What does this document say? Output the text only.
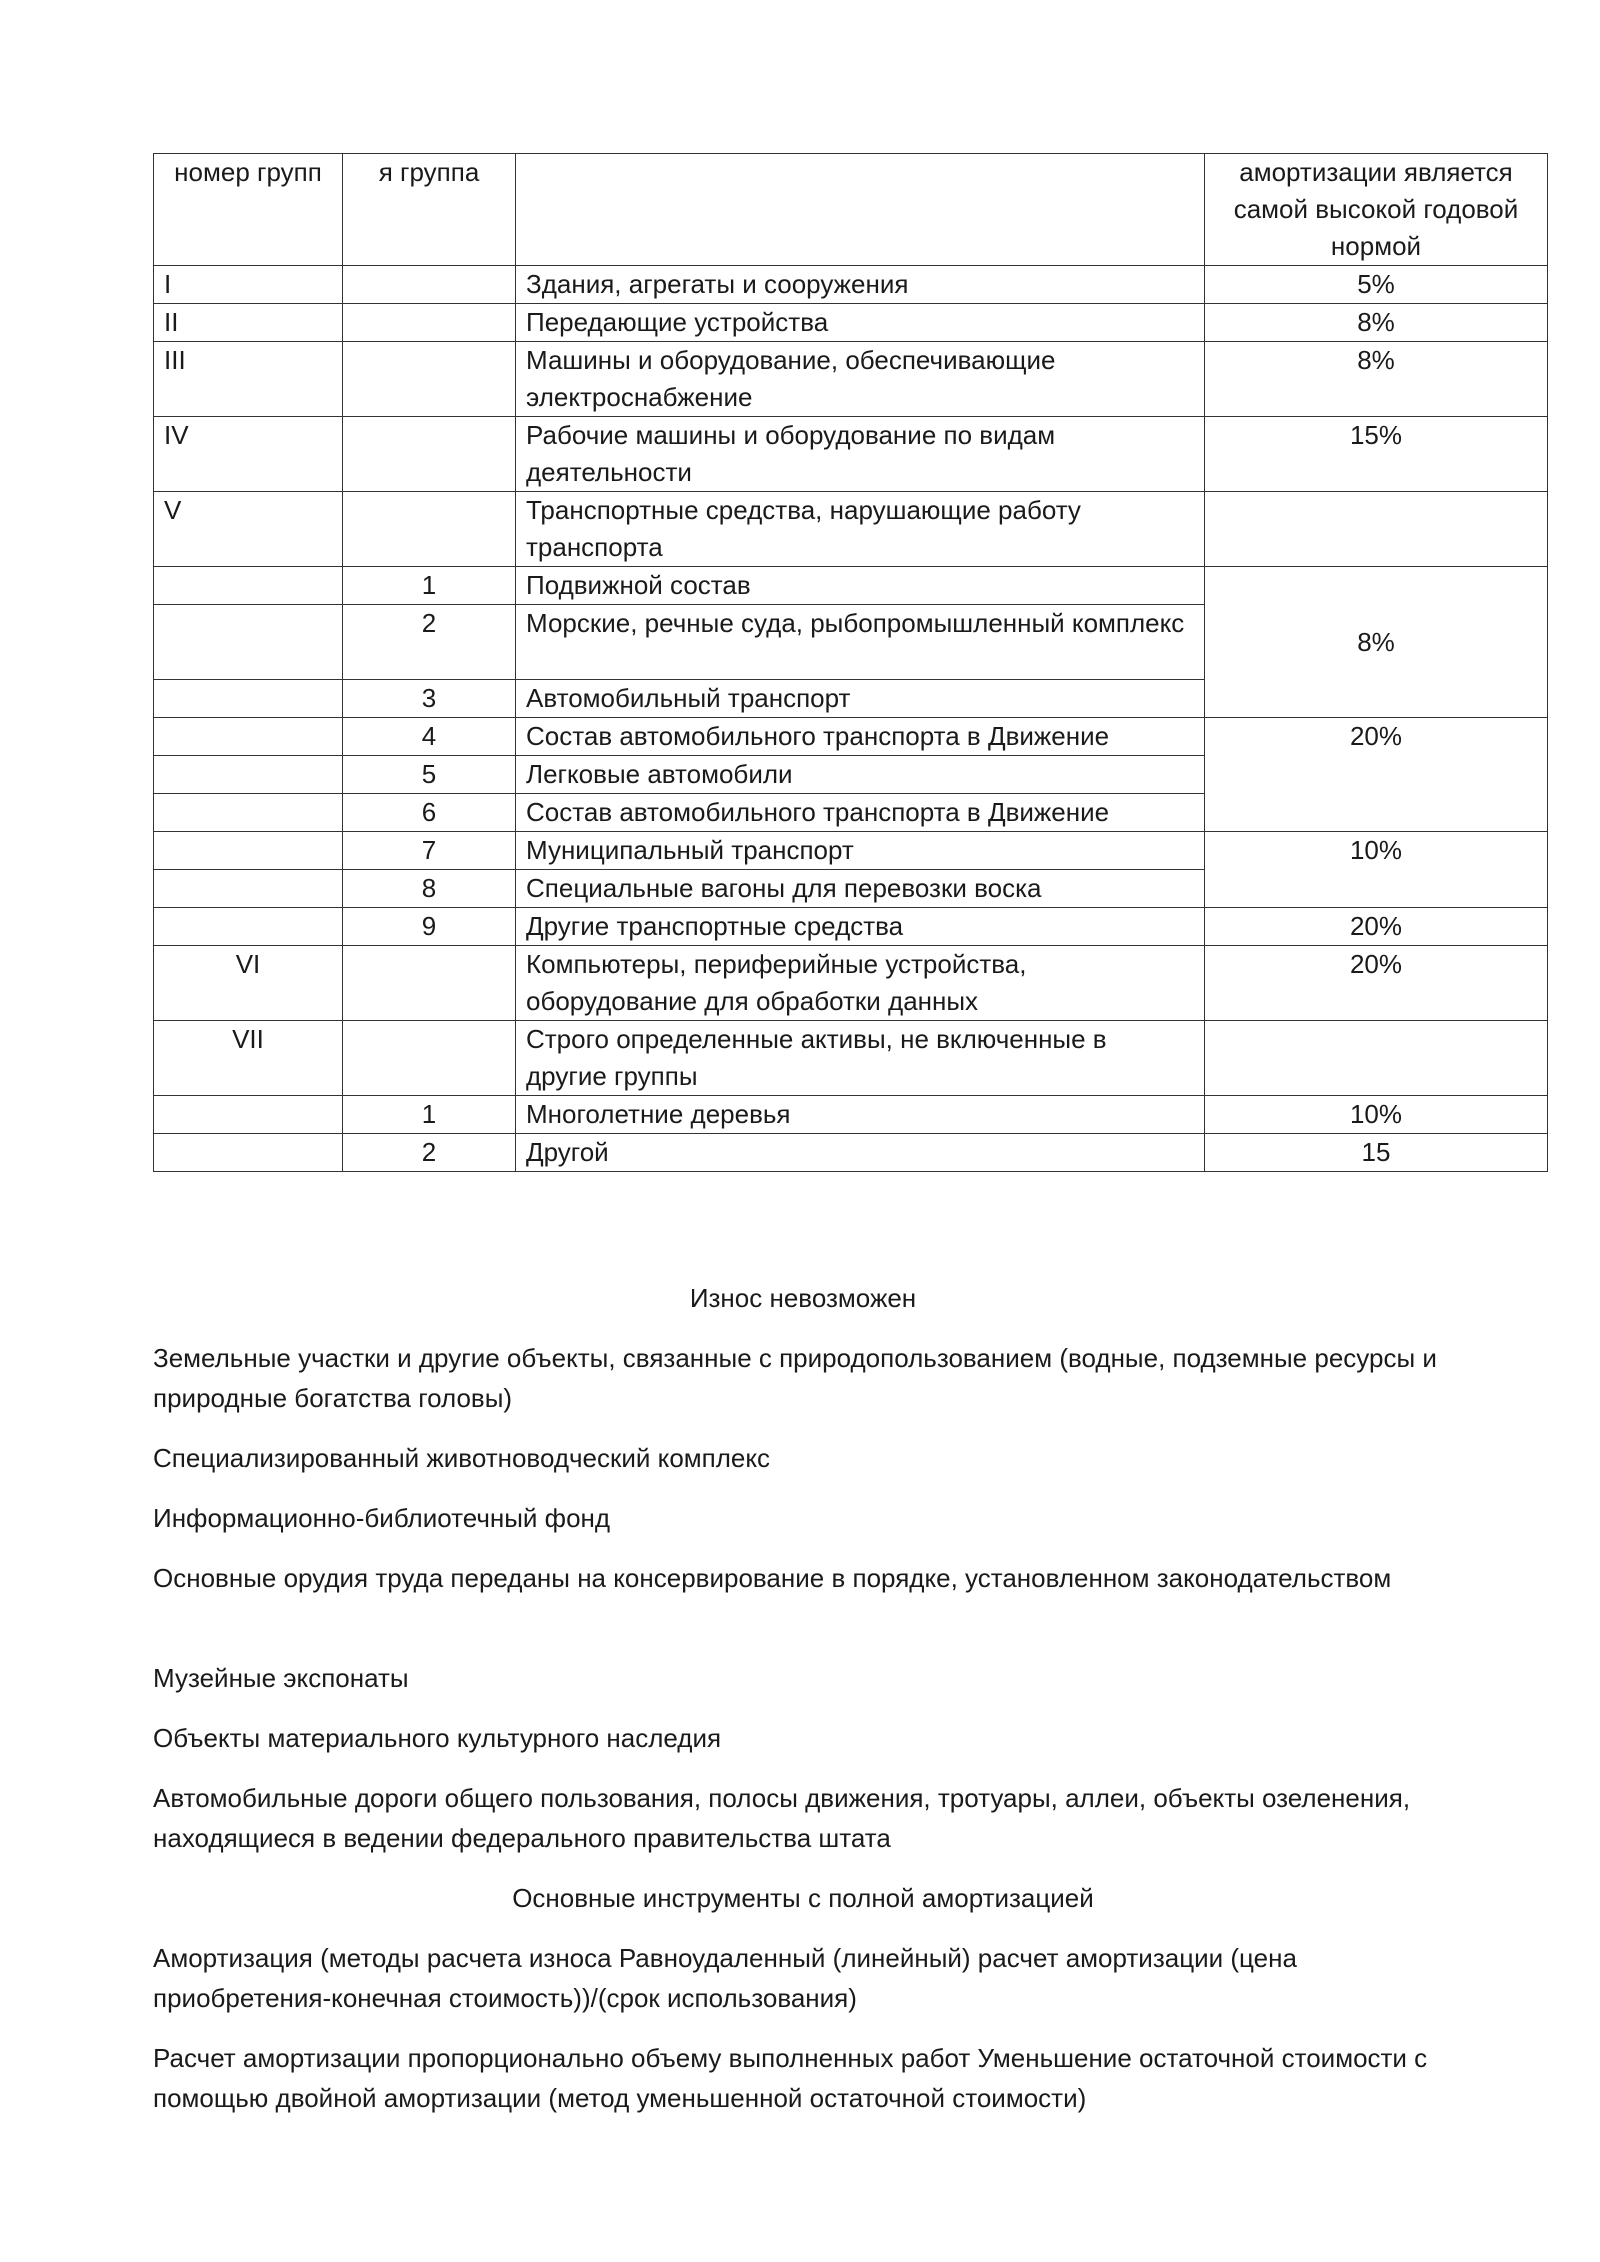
номер групп	я группа		амортизации является самой высокой годовой нормой
I		Здания, агрегаты и сооружения	5%
II		Передающие устройства	8%
III		Машины и оборудование, обеспечивающие электроснабжение	8%
IV		Рабочие машины и оборудование по видам деятельности	15%
V		Транспортные средства, нарушающие работу транспорта	
	1	Подвижной состав	8%
	2	Морские, речные суда, рыбопромышленный комплекс	
	3	Автомобильный транспорт	
	4	Состав автомобильного транспорта в Движение	20%
	5	Легковые автомобили	
	6	Состав автомобильного транспорта в Движение	
	7	Муниципальный транспорт	10%
	8	Специальные вагоны для перевозки воска	
	9	Другие транспортные средства	20%
VI		Компьютеры, периферийные устройства, оборудование для обработки данных	20%
VII		Строго определенные активы, не включенные в другие группы	
	1	Многолетние деревья	10%
	2	Другой	15
Износ невозможен
Земельные участки и другие объекты, связанные с природопользованием (водные, подземные ресурсы и природные богатства головы)
Специализированный животноводческий комплекс
Информационно-библиотечный фонд
Основные орудия труда переданы на консервирование в порядке, установленном законодательством
Музейные экспонаты
Объекты материального культурного наследия
Автомобильные дороги общего пользования, полосы движения, тротуары, аллеи, объекты озеленения, находящиеся в ведении федерального правительства штата
Основные инструменты с полной амортизацией
Амортизация (методы расчета износа Равноудаленный (линейный) расчет амортизации (цена приобретения-конечная стоимость))/(срок использования)
Расчет амортизации пропорционально объему выполненных работ Уменьшение остаточной стоимости с помощью двойной амортизации (метод уменьшенной остаточной стоимости)
